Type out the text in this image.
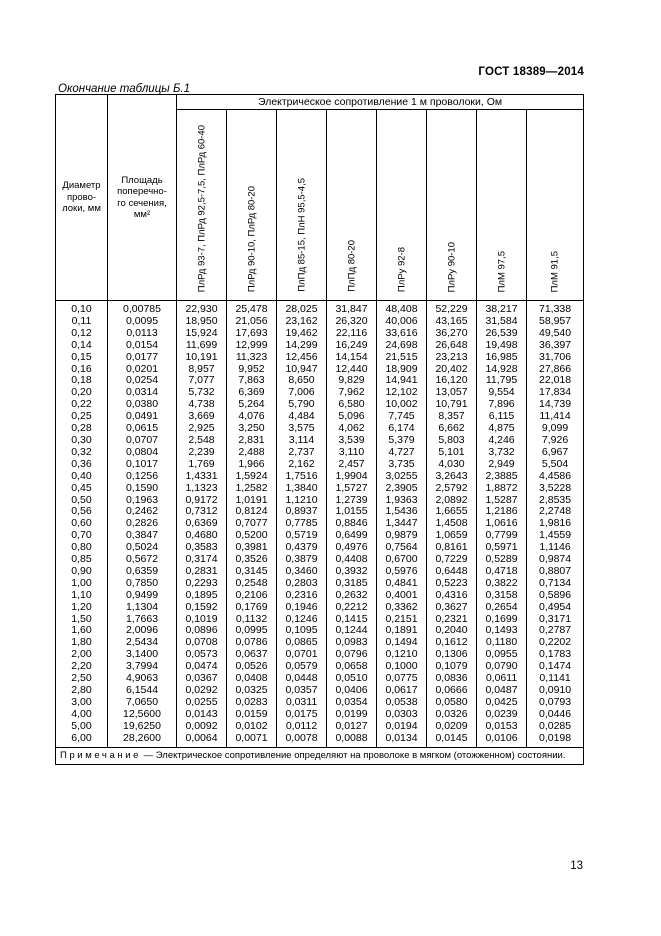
ГОСТ 18389—2014
Окончание таблицы Б.1
Диаметр прово-локи, мм	Площадь поперечно-го сечения, мм²	Электрическое сопротивление 1 м проволоки, Ом							

		ПлРд 93-7, ПлРд 92,5-7,5, ПлРд 60-40	ПлРд 90-10, ПлРд 80-20	ПлПд 85-15, ПлН 95,5-4,5	ПлПд 80-20	ПлРу 92-8	ПлРу 90-10	ПлМ 97,5	ПлМ 91,5

0,10	0,00785	22,930	25,478	28,025	31,847	48,408	52,229	38,217	71,338
0,11	0,0095	18,950	21,056	23,162	26,320	40,006	43,165	31,584	58,957
0,12	0,0113	15,924	17,693	19,462	22,116	33,616	36,270	26,539	49,540
0,14	0,0154	11,699	12,999	14,299	16,249	24,698	26,648	19,498	36,397
0,15	0,0177	10,191	11,323	12,456	14,154	21,515	23,213	16,985	31,706
0,16	0,0201	8,957	9,952	10,947	12,440	18,909	20,402	14,928	27,866
0,18	0,0254	7,077	7,863	8,650	9,829	14,941	16,120	11,795	22,018
0,20	0,0314	5,732	6,369	7,006	7,962	12,102	13,057	9,554	17,834
0,22	0,0380	4,738	5,264	5,790	6,580	10,002	10,791	7,896	14,739
0,25	0,0491	3,669	4,076	4,484	5,096	7,745	8,357	6,115	11,414
0,28	0,0615	2,925	3,250	3,575	4,062	6,174	6,662	4,875	9,099
0,30	0,0707	2,548	2,831	3,114	3,539	5,379	5,803	4,246	7,926
0,32	0,0804	2,239	2,488	2,737	3,110	4,727	5,101	3,732	6,967
0,36	0,1017	1,769	1,966	2,162	2,457	3,735	4,030	2,949	5,504
0,40	0,1256	1,4331	1,5924	1,7516	1,9904	3,0255	3,2643	2,3885	4,4586
0,45	0,1590	1,1323	1,2582	1,3840	1,5727	2,3905	2,5792	1,8872	3,5228
0,50	0,1963	0,9172	1,0191	1,1210	1,2739	1,9363	2,0892	1,5287	2,8535
0,56	0,2462	0,7312	0,8124	0,8937	1,0155	1,5436	1,6655	1,2186	2,2748
0,60	0,2826	0,6369	0,7077	0,7785	0,8846	1,3447	1,4508	1,0616	1,9816
0,70	0,3847	0,4680	0,5200	0,5719	0,6499	0,9879	1,0659	0,7799	1,4559
0,80	0,5024	0,3583	0,3981	0,4379	0,4976	0,7564	0,8161	0,5971	1,1146
0,85	0,5672	0,3174	0,3526	0,3879	0,4408	0,6700	0,7229	0,5289	0,9874
0,90	0,6359	0,2831	0,3145	0,3460	0,3932	0,5976	0,6448	0,4718	0,8807
1,00	0,7850	0,2293	0,2548	0,2803	0,3185	0,4841	0,5223	0,3822	0,7134
1,10	0,9499	0,1895	0,2106	0,2316	0,2632	0,4001	0,4316	0,3158	0,5896
1,20	1,1304	0,1592	0,1769	0,1946	0,2212	0,3362	0,3627	0,2654	0,4954
1,50	1,7663	0,1019	0,1132	0,1246	0,1415	0,2151	0,2321	0,1699	0,3171
1,60	2,0096	0,0896	0,0995	0,1095	0,1244	0,1891	0,2040	0,1493	0,2787
1,80	2,5434	0,0708	0,0786	0,0865	0,0983	0,1494	0,1612	0,1180	0,2202
2,00	3,1400	0,0573	0,0637	0,0701	0,0796	0,1210	0,1306	0,0955	0,1783
2,20	3,7994	0,0474	0,0526	0,0579	0,0658	0,1000	0,1079	0,0790	0,1474
2,50	4,9063	0,0367	0,0408	0,0448	0,0510	0,0775	0,0836	0,0611	0,1141
2,80	6,1544	0,0292	0,0325	0,0357	0,0406	0,0617	0,0666	0,0487	0,0910
3,00	7,0650	0,0255	0,0283	0,0311	0,0354	0,0538	0,0580	0,0425	0,0793
4,00	12,5600	0,0143	0,0159	0,0175	0,0199	0,0303	0,0326	0,0239	0,0446
5,00	19,6250	0,0092	0,0102	0,0112	0,0127	0,0194	0,0209	0,0153	0,0285
6,00	28,2600	0,0064	0,0071	0,0078	0,0088	0,0134	0,0145	0,0106	0,0198
Примечание — Электрическое сопротивление определяют на проволоке в мягком (отожженном) состоянии.									
13
